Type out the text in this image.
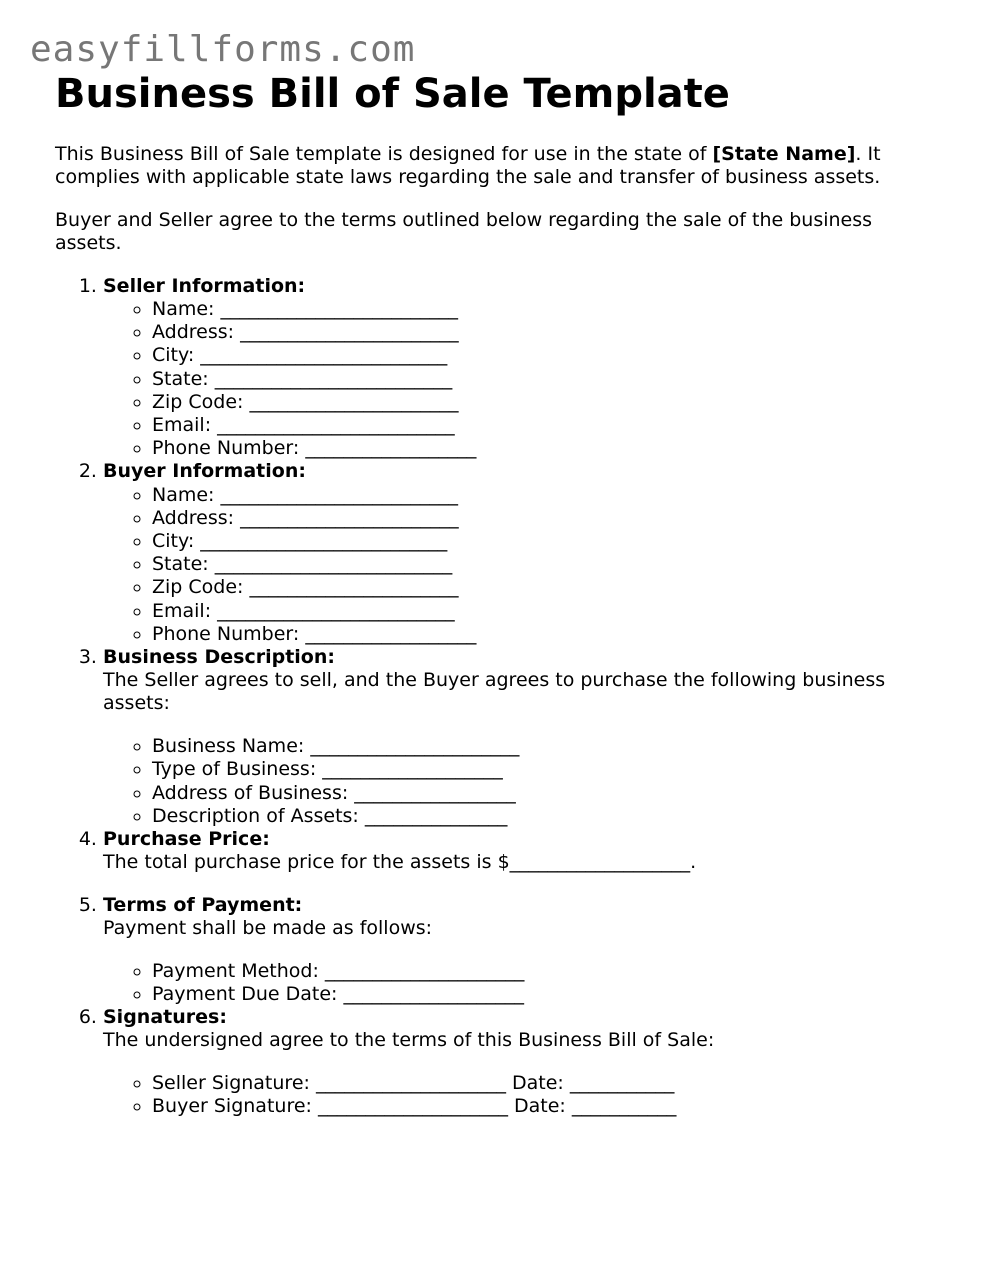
easyfillforms.com
Business Bill of Sale Template

This Business Bill of Sale template is designed for use in the state of [State Name]. It complies with applicable state laws regarding the sale and transfer of business assets.

Buyer and Seller agree to the terms outlined below regarding the sale of the business assets.

1. Seller Information:
◦ Name: _________________________
◦ Address: _______________________
◦ City: __________________________
◦ State: _________________________
◦ Zip Code: ______________________
◦ Email: _________________________
◦ Phone Number: __________________
2. Buyer Information:
◦ Name: _________________________
◦ Address: _______________________
◦ City: __________________________
◦ State: _________________________
◦ Zip Code: ______________________
◦ Email: _________________________
◦ Phone Number: __________________
3. Business Description:

The Seller agrees to sell, and the Buyer agrees to purchase the following business assets:

◦ Business Name: ______________________
◦ Type of Business: ___________________
◦ Address of Business: _________________
◦ Description of Assets: _______________
4. Purchase Price:

The total purchase price for the assets is $___________________.

5. Terms of Payment:

Payment shall be made as follows:

◦ Payment Method: _____________________
◦ Payment Due Date: ___________________
6. Signatures:

The undersigned agree to the terms of this Business Bill of Sale:

◦ Seller Signature: ____________________ Date: ___________
◦ Buyer Signature: ____________________ Date: ___________
